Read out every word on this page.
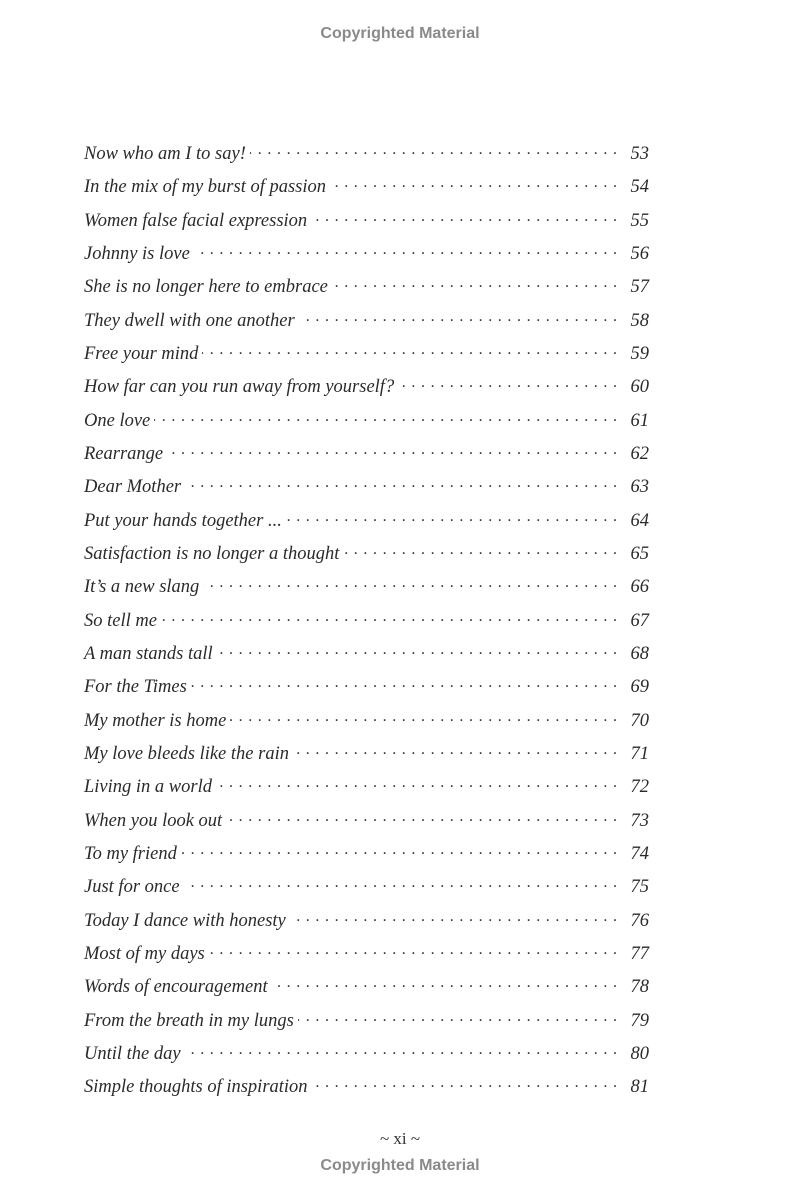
Copyrighted Material
Now who am I to say! . . .	53
In the mix of my burst of passion . . .	54
Women false facial expression . . .	55
Johnny is love . . .	56
She is no longer here to embrace . . .	57
They dwell with one another . . .	58
Free your mind . . .	59
How far can you run away from yourself? . . .	60
One love . . .	61
Rearrange . . .	62
Dear Mother . . .	63
Put your hands together ... . . .	64
Satisfaction is no longer a thought . . .	65
It’s a new slang . . .	66
So tell me . . .	67
A man stands tall . . .	68
For the Times . . .	69
My mother is home . . .	70
My love bleeds like the rain . . .	71
Living in a world . . .	72
When you look out . . .	73
To my friend . . .	74
Just for once . . .	75
Today I dance with honesty . . .	76
Most of my days . . .	77
Words of encouragement . . .	78
From the breath in my lungs . . .	79
Until the day . . .	80
Simple thoughts of inspiration . . .	81
~ xi ~
Copyrighted Material
